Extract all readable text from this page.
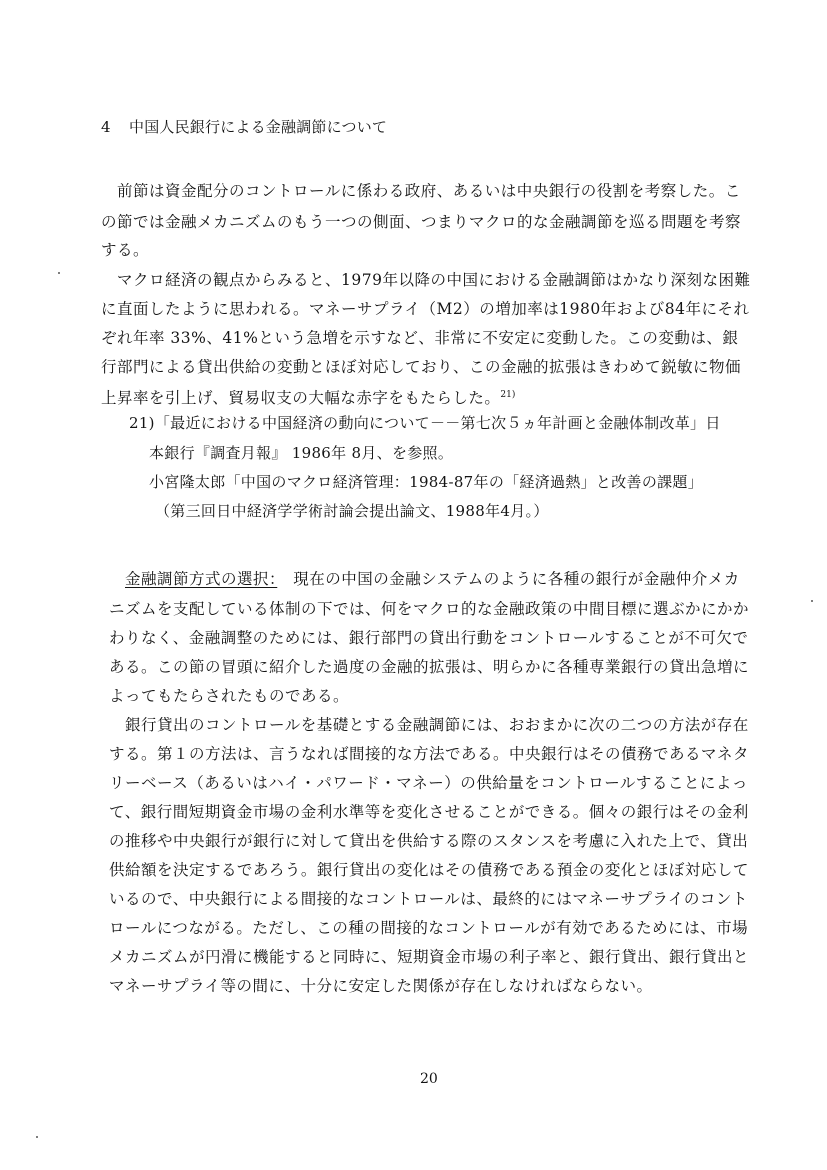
4 中国人民銀行による金融調節について
前節は資金配分のコントロールに係わる政府、あるいは中央銀行の役割を考察した。こ
の節では金融メカニズムのもう一つの側面、つまりマクロ的な金融調節を巡る問題を考察
する。
マクロ経済の観点からみると、1979年以降の中国における金融調節はかなり深刻な困難
に直面したように思われる。マネーサプライ（M2）の増加率は1980年および84年にそれ
ぞれ年率 33%、41%という急増を示すなど、非常に不安定に変動した。この変動は、銀
行部門による貸出供給の変動とほぼ対応しており、この金融的拡張はきわめて鋭敏に物価
上昇率を引上げ、貿易収支の大幅な赤字をもたらした。$^{21)}$
21)「最近における中国経済の動向について－－第七次５ヵ年計画と金融体制改革」日
本銀行『調査月報』 1986年 8月、を参照。
小宮隆太郎「中国のマクロ経済管理：1984-87年の「経済過熱」と改善の課題」
（第三回日中経済学学術討論会提出論文、1988年4月。）
金融調節方式の選択：　現在の中国の金融システムのように各種の銀行が金融仲介メカ
ニズムを支配している体制の下では、何をマクロ的な金融政策の中間目標に選ぶかにかか
わりなく、金融調整のためには、銀行部門の貸出行動をコントロールすることが不可欠で
ある。この節の冒頭に紹介した過度の金融的拡張は、明らかに各種専業銀行の貸出急増に
よってもたらされたものである。
銀行貸出のコントロールを基礎とする金融調節には、おおまかに次の二つの方法が存在
する。第１の方法は、言うなれば間接的な方法である。中央銀行はその債務であるマネタ
リーベース（あるいはハイ・パワード・マネー）の供給量をコントロールすることによっ
て、銀行間短期資金市場の金利水準等を変化させることができる。個々の銀行はその金利
の推移や中央銀行が銀行に対して貸出を供給する際のスタンスを考慮に入れた上で、貸出
供給額を決定するであろう。銀行貸出の変化はその債務である預金の変化とほぼ対応して
いるので、中央銀行による間接的なコントロールは、最終的にはマネーサプライのコント
ロールにつながる。ただし、この種の間接的なコントロールが有効であるためには、市場
メカニズムが円滑に機能すると同時に、短期資金市場の利子率と、銀行貸出、銀行貸出と
マネーサプライ等の間に、十分に安定した関係が存在しなければならない。
20
